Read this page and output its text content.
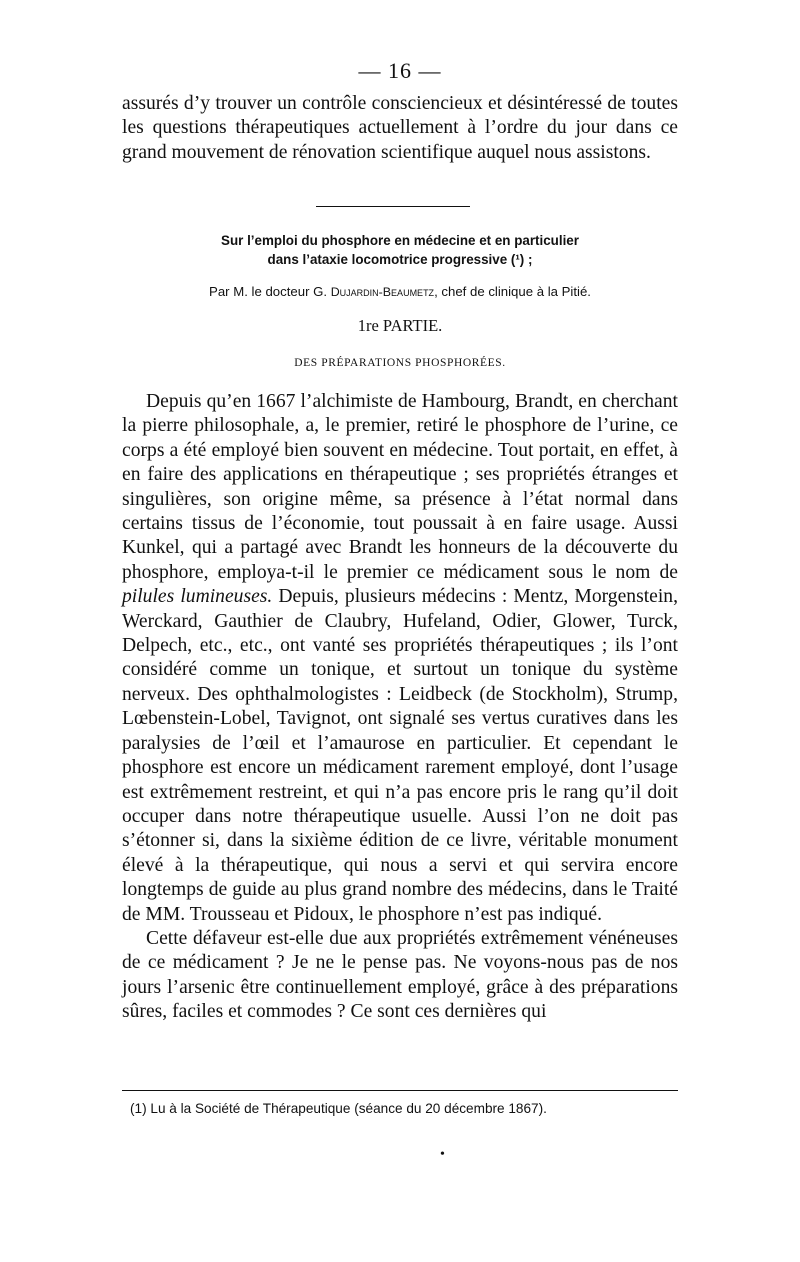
— 16 —

assurés d’y trouver un contrôle consciencieux et désintéressé de toutes les questions thérapeutiques actuellement à l’ordre du jour dans ce grand mouvement de rénovation scientifique auquel nous assistons.

Sur l’emploi du phosphore en médecine et en particulier
dans l’ataxie locomotrice progressive (¹) ;
Par M. le docteur G. Dujardin-Beaumetz, chef de clinique à la Pitié.
1re PARTIE.
DES PRÉPARATIONS PHOSPHORÉES.

Depuis qu’en 1667 l’alchimiste de Hambourg, Brandt, en cherchant la pierre philosophale, a, le premier, retiré le phosphore de l’urine, ce corps a été employé bien souvent en médecine. Tout portait, en effet, à en faire des applications en thérapeutique ; ses propriétés étranges et singulières, son origine même, sa présence à l’état normal dans certains tissus de l’économie, tout poussait à en faire usage. Aussi Kunkel, qui a partagé avec Brandt les honneurs de la découverte du phosphore, employa-t-il le premier ce médicament sous le nom de pilules lumineuses. Depuis, plusieurs médecins : Mentz, Morgenstein, Werckard, Gauthier de Claubry, Hufeland, Odier, Glower, Turck, Delpech, etc., etc., ont vanté ses propriétés thérapeutiques ; ils l’ont considéré comme un tonique, et surtout un tonique du système nerveux. Des ophthalmologistes : Leidbeck (de Stockholm), Strump, Lœbenstein-Lobel, Tavignot, ont signalé ses vertus curatives dans les paralysies de l’œil et l’amaurose en particulier. Et cependant le phosphore est encore un médicament rarement employé, dont l’usage est extrêmement restreint, et qui n’a pas encore pris le rang qu’il doit occuper dans notre thérapeutique usuelle. Aussi l’on ne doit pas s’étonner si, dans la sixième édition de ce livre, véritable monument élevé à la thérapeutique, qui nous a servi et qui servira encore longtemps de guide au plus grand nombre des médecins, dans le Traité de MM. Trousseau et Pidoux, le phosphore n’est pas indiqué.

Cette défaveur est-elle due aux propriétés extrêmement vénéneuses de ce médicament ? Je ne le pense pas. Ne voyons-nous pas de nos jours l’arsenic être continuellement employé, grâce à des préparations sûres, faciles et commodes ? Ce sont ces dernières qui

(1) Lu à la Société de Thérapeutique (séance du 20 décembre 1867).
•
